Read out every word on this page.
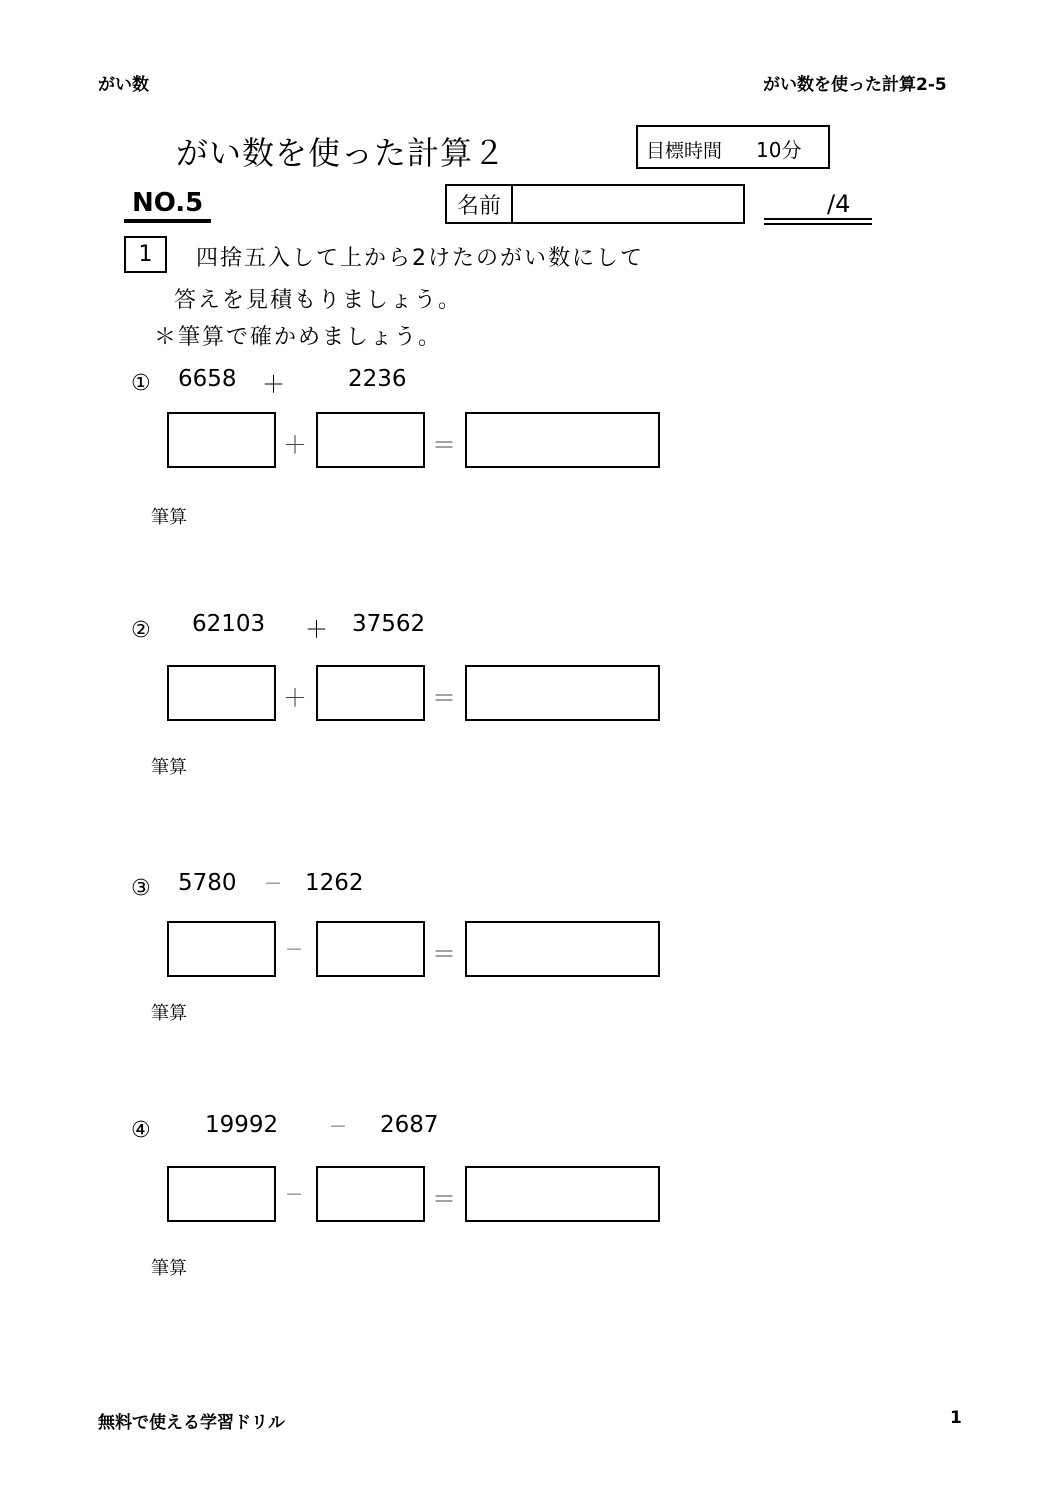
がい数	がい数を使った計算2-5
がい数を使った計算２	目標時間 10分
NO.5	名前	/4
1 四捨五入して上から2けたのがい数にして
答えを見積もりましょう。
＊筆算で確かめましょう。
① 6658 ＋	2236
＋	＝
筆算
② 62103 ＋ 37562
＋	＝
筆算
③ 5780 － 1262
－	＝
筆算
④ 19992	－ 2687
－	＝
筆算
無料で使える学習ドリル	1
